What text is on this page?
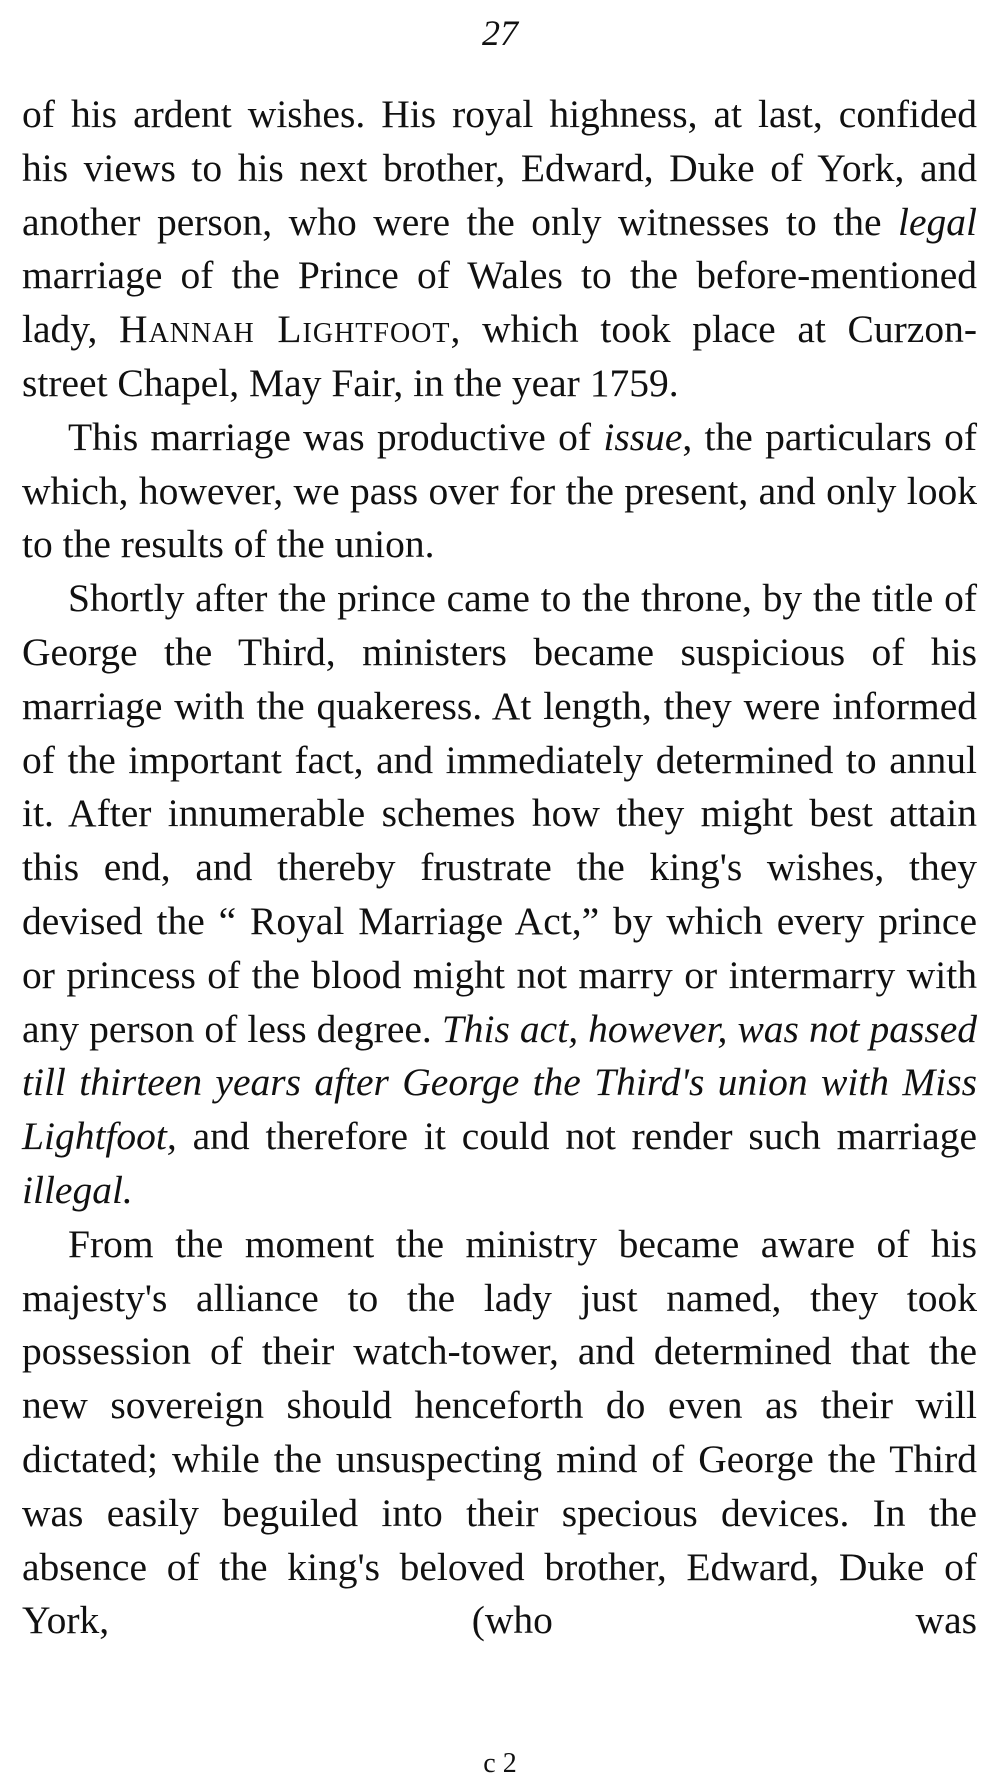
27

of his ardent wishes. His royal highness, at last, confided his views to his next brother, Edward, Duke of York, and another person, who were the only witnesses to the legal marriage of the Prince of Wales to the before-mentioned lady, Hannah Lightfoot, which took place at Curzon-street Chapel, May Fair, in the year 1759.

This marriage was productive of issue, the particulars of which, however, we pass over for the present, and only look to the results of the union.

Shortly after the prince came to the throne, by the title of George the Third, ministers became suspicious of his marriage with the quakeress. At length, they were informed of the important fact, and immediately determined to annul it. After innumerable schemes how they might best attain this end, and thereby frustrate the king's wishes, they devised the “ Royal Marriage Act,” by which every prince or princess of the blood might not marry or intermarry with any person of less degree. This act, however, was not passed till thirteen years after George the Third's union with Miss Lightfoot, and therefore it could not render such marriage illegal.

From the moment the ministry became aware of his majesty's alliance to the lady just named, they took possession of their watch-tower, and determined that the new sovereign should henceforth do even as their will dictated; while the unsuspecting mind of George the Third was easily beguiled into their specious devices. In the absence of the king's beloved brother, Edward, Duke of York, (who was

c 2
